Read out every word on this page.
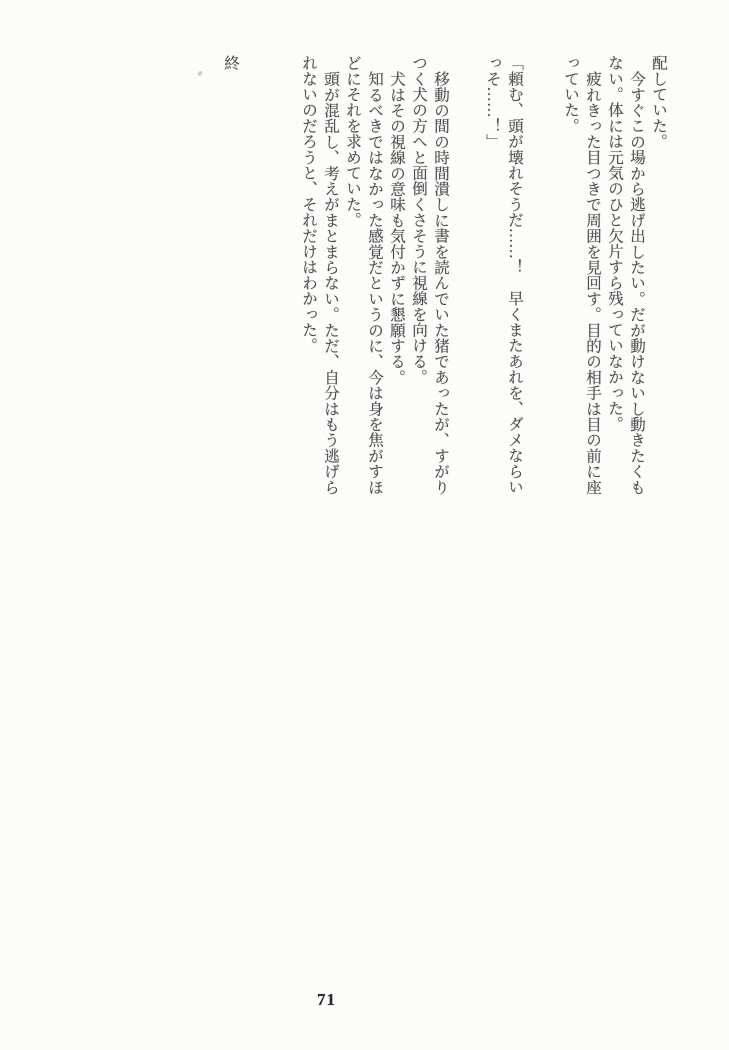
配していた。

今すぐこの場から逃げ出したい。だが動けないし動きたくも

ない。体には元気のひと欠片すら残っていなかった。

疲れきった目つきで周囲を見回す。目的の相手は目の前に座

っていた。

「頼む、頭が壊れそうだ……！　早くまたあれを、ダメならい

っそ……！」

移動の間の時間潰しに書を読んでいた猪であったが、すがり

つく犬の方へと面倒くさそうに視線を向ける。

犬はその視線の意味も気付かずに懇願する。

知るべきではなかった感覚だというのに、今は身を焦がすほ

どにそれを求めていた。

頭が混乱し、考えがまとまらない。ただ、自分はもう逃げら

れないのだろうと、それだけはわかった。

終

71
